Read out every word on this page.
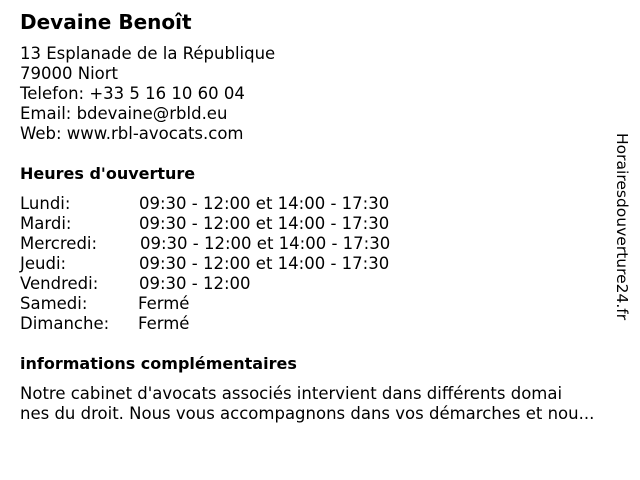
Devaine Benoît
13 Esplanade de la République
79000 Niort
Telefon: +33 5 16 10 60 04
Email: bdevaine@rbld.eu
Web: www.rbl-avocats.com
Heures d'ouverture
Lundi:	09:30 - 12:00 et 14:00 - 17:30
Mardi:	09:30 - 12:00 et 14:00 - 17:30
Mercredi:	09:30 - 12:00 et 14:00 - 17:30
Jeudi:	09:30 - 12:00 et 14:00 - 17:30
Vendredi: 09:30 - 12:00
Samedi:	Fermé
Dimanche: Fermé
informations complémentaires
Notre cabinet d'avocats associés intervient dans différents domai
nes du droit. Nous vous accompagnons dans vos démarches et nou...
Horairesdouverture24.fr
